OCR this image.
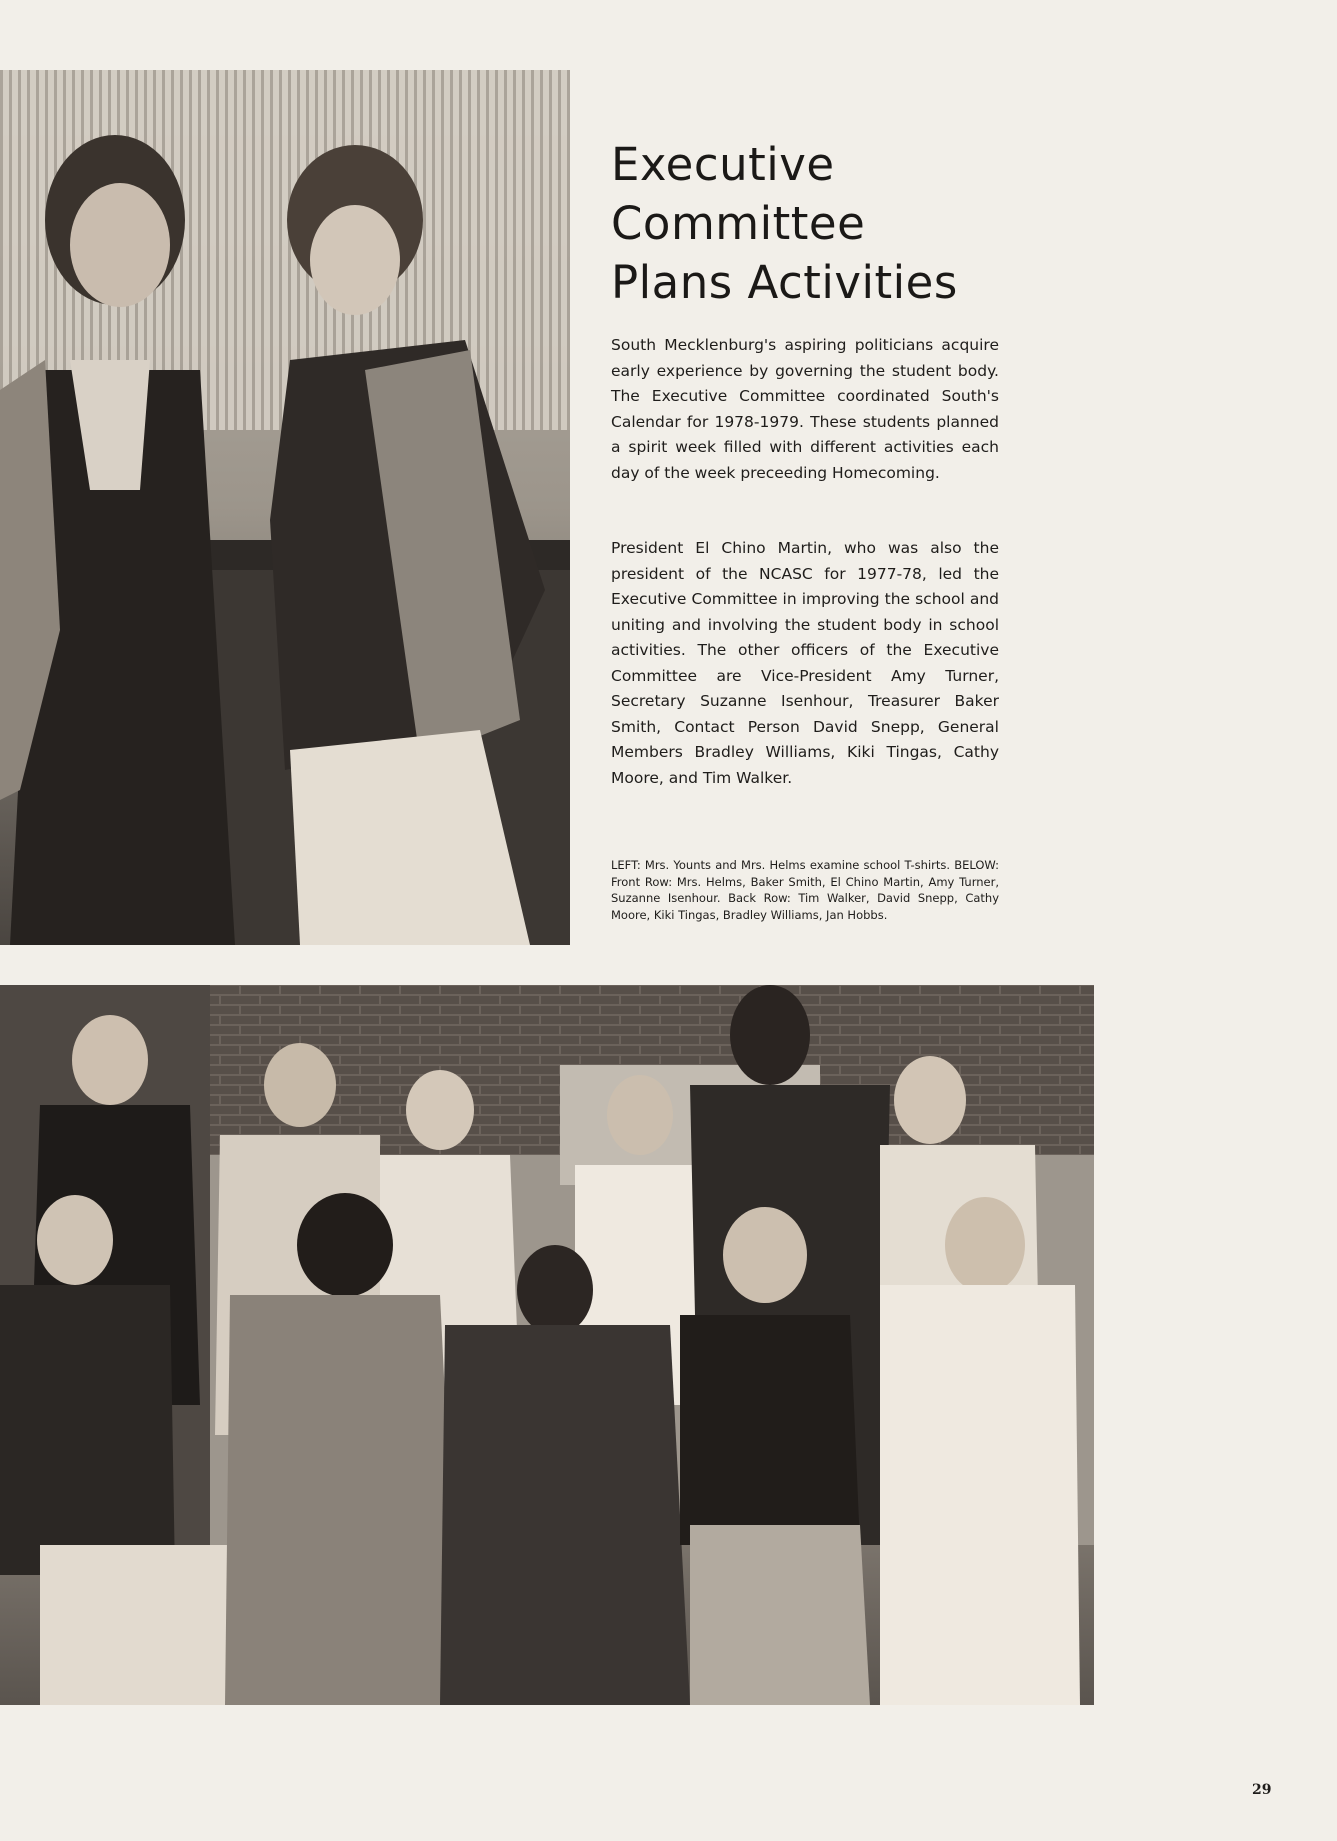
Executive
Committee
Plans Activities
South Mecklenburg's aspiring politicians acquire early experience by governing the student body. The Executive Committee coordinated South's Calendar for 1978-1979. These students planned a spirit week filled with different activities each day of the week preceeding Homecoming.
President El Chino Martin, who was also the president of the NCASC for 1977-78, led the Executive Committee in improving the school and uniting and involving the student body in school activities. The other officers of the Executive Committee are Vice-President Amy Turner, Secretary Suzanne Isenhour, Treasurer Baker Smith, Contact Person David Snepp, General Members Bradley Williams, Kiki Tingas, Cathy Moore, and Tim Walker.
LEFT: Mrs. Younts and Mrs. Helms examine school T-shirts. BELOW: Front Row: Mrs. Helms, Baker Smith, El Chino Martin, Amy Turner, Suzanne Isenhour. Back Row: Tim Walker, David Snepp, Cathy Moore, Kiki Tingas, Bradley Williams, Jan Hobbs.
29
